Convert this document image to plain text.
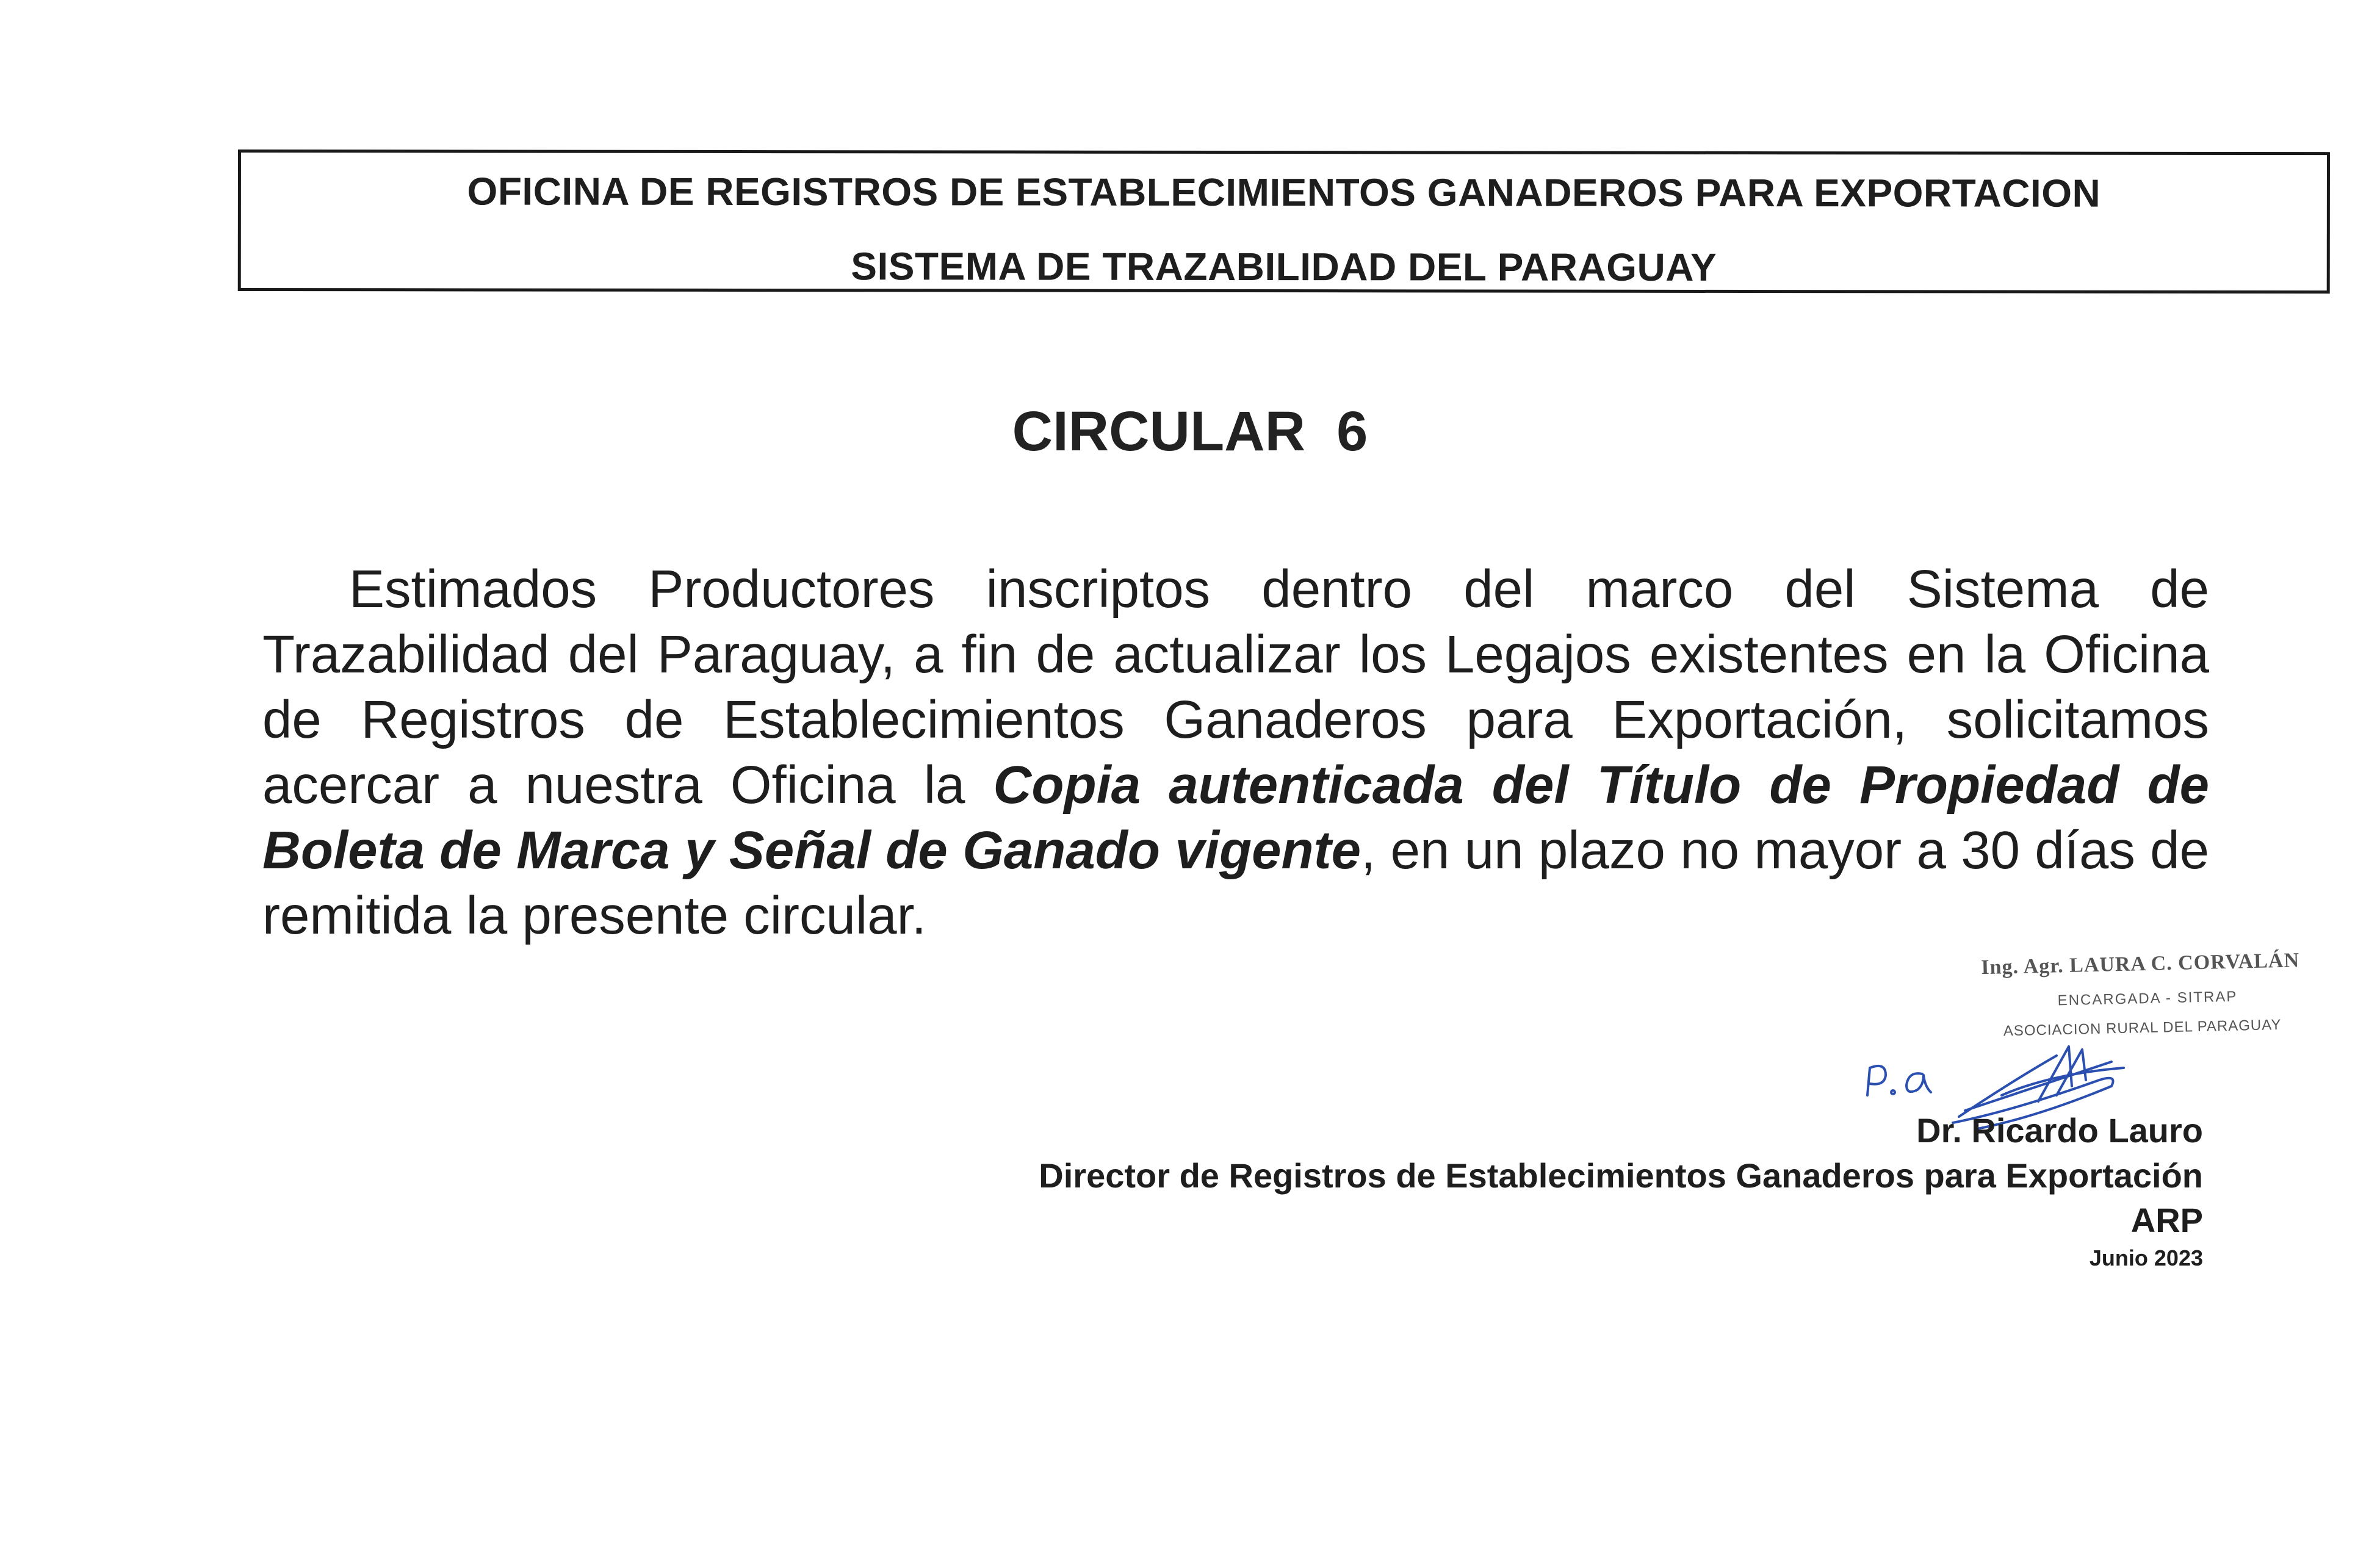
OFICINA DE REGISTROS DE ESTABLECIMIENTOS GANADEROS PARA EXPORTACION
SISTEMA DE TRAZABILIDAD DEL PARAGUAY
CIRCULAR  6
Estimados Productores inscriptos dentro del marco del Sistema de Trazabilidad del Paraguay, a fin de actualizar los Legajos existentes en la Oficina de Registros de Establecimientos Ganaderos para Exportación, solicitamos acercar a nuestra Oficina la Copia autenticada del Título de Propiedad de Boleta de Marca y Señal de Ganado vigente, en un plazo no mayor a 30 días de remitida la presente circular.
Ing. Agr. LAURA C. CORVALÁN
ENCARGADA - SITRAP
ASOCIACION RURAL DEL PARAGUAY
Dr. Ricardo Lauro
Director de Registros de Establecimientos Ganaderos para Exportación
ARP
Junio 2023
